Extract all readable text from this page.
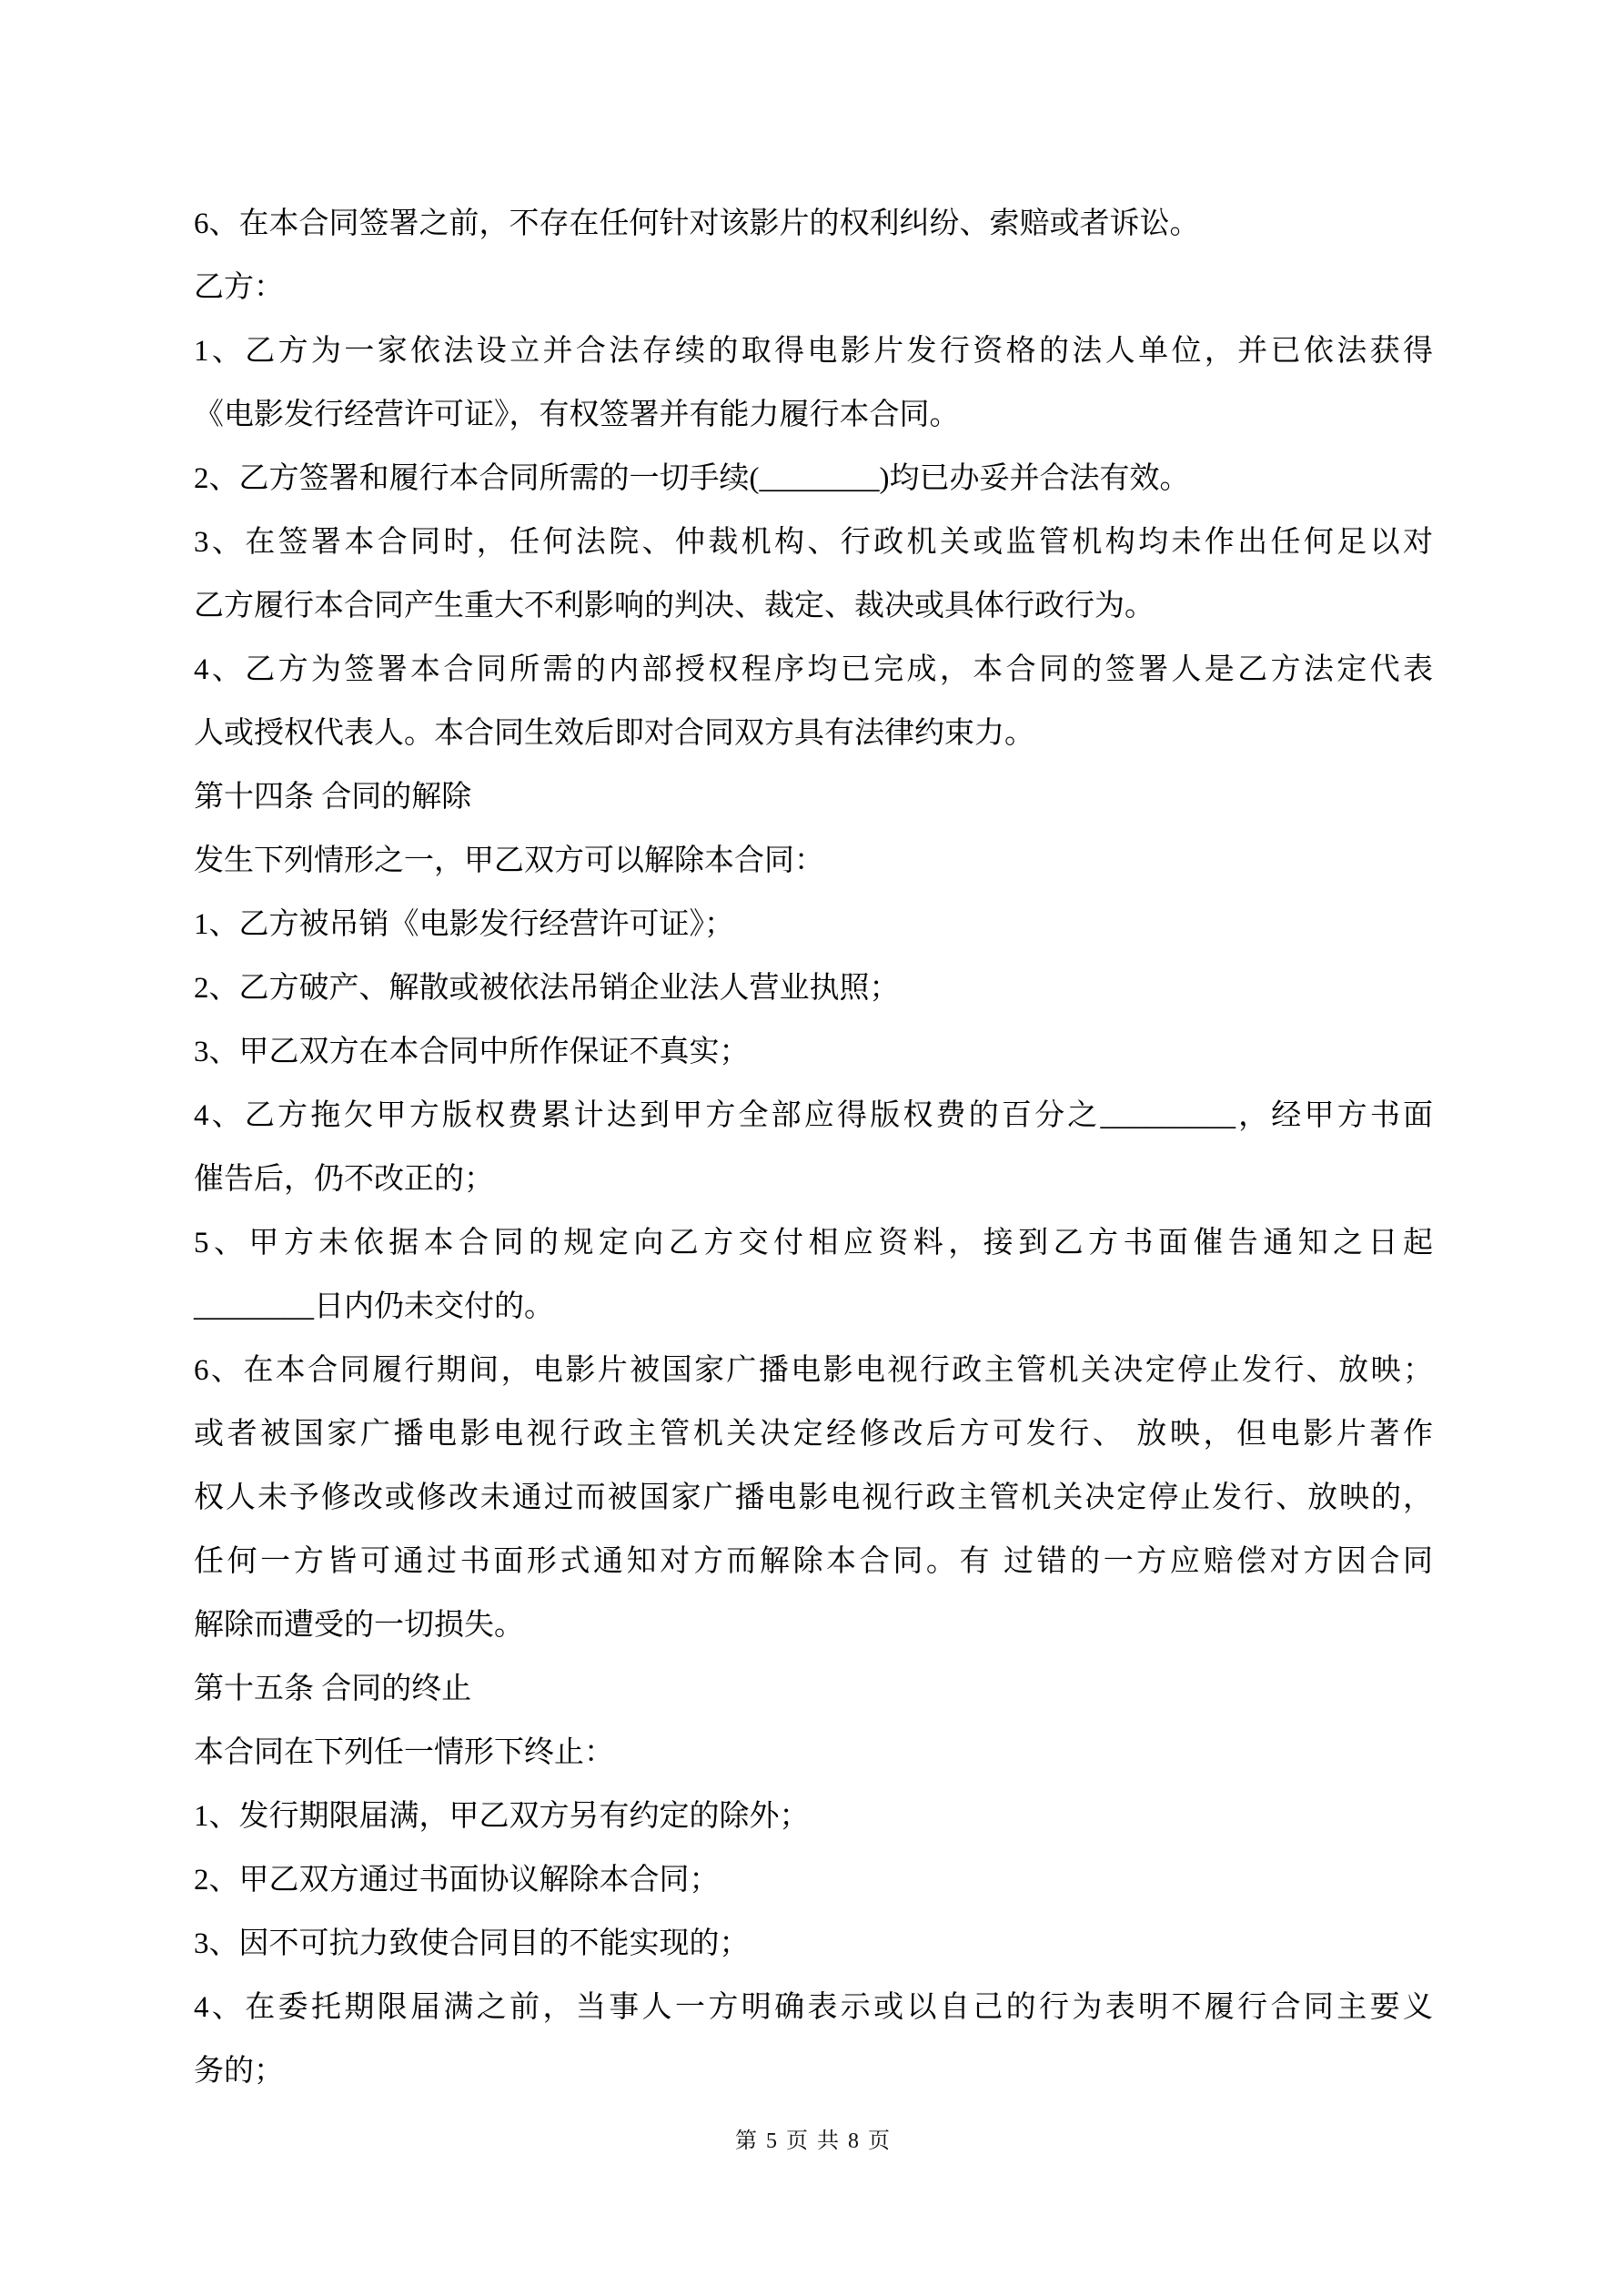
6、在本合同签署之前，不存在任何针对该影片的权利纠纷、索赔或者诉讼。
乙方：
1、乙方为一家依法设立并合法存续的取得电影片发行资格的法人单位，并已依法获得
《电影发行经营许可证》，有权签署并有能力履行本合同。
2、乙方签署和履行本合同所需的一切手续(________)均已办妥并合法有效。
3、在签署本合同时，任何法院、仲裁机构、行政机关或监管机构均未作出任何足以对
乙方履行本合同产生重大不利影响的判决、裁定、裁决或具体行政行为。
4、乙方为签署本合同所需的内部授权程序均已完成，本合同的签署人是乙方法定代表
人或授权代表人。本合同生效后即对合同双方具有法律约束力。
第十四条 合同的解除
发生下列情形之一，甲乙双方可以解除本合同：
1、乙方被吊销《电影发行经营许可证》；
2、乙方破产、解散或被依法吊销企业法人营业执照；
3、甲乙双方在本合同中所作保证不真实；
4、乙方拖欠甲方版权费累计达到甲方全部应得版权费的百分之_________，经甲方书面
催告后，仍不改正的；
5、甲方未依据本合同的规定向乙方交付相应资料，接到乙方书面催告通知之日起
________日内仍未交付的。
6、在本合同履行期间，电影片被国家广播电影电视行政主管机关决定停止发行、放映；
或者被国家广播电影电视行政主管机关决定经修改后方可发行、 放映，但电影片著作
权人未予修改或修改未通过而被国家广播电影电视行政主管机关决定停止发行、放映的，
任何一方皆可通过书面形式通知对方而解除本合同。有 过错的一方应赔偿对方因合同
解除而遭受的一切损失。
第十五条 合同的终止
本合同在下列任一情形下终止：
1、发行期限届满，甲乙双方另有约定的除外；
2、甲乙双方通过书面协议解除本合同；
3、因不可抗力致使合同目的不能实现的；
4、在委托期限届满之前，当事人一方明确表示或以自己的行为表明不履行合同主要义
务的；
第 5 页 共 8 页
